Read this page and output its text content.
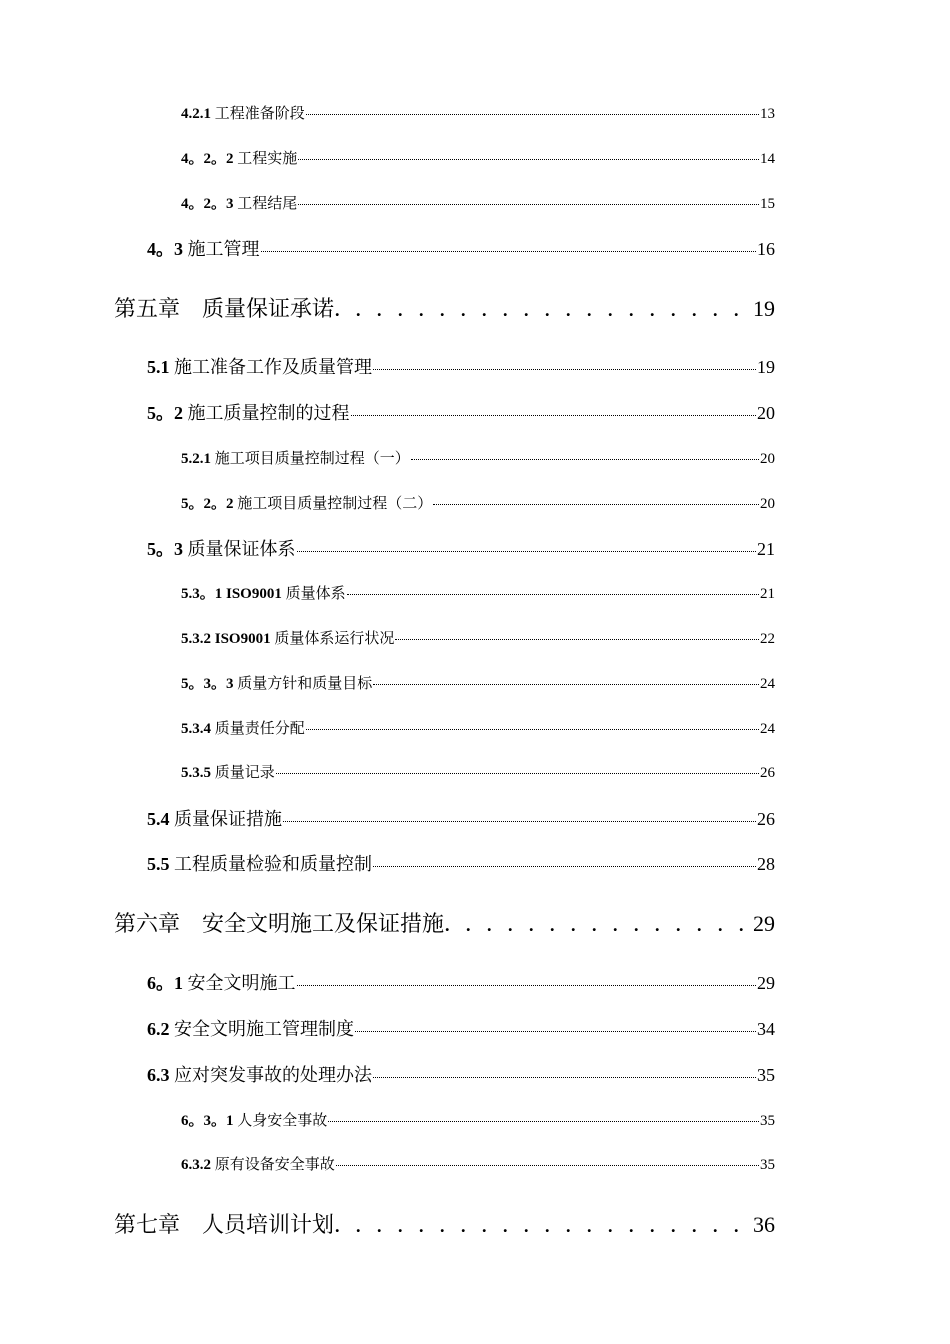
4.2.1 工程准备阶段	13
4。2。2 工程实施	14
4。2。3 工程结尾	15
4。3 施工管理	16
第五章 质量保证承诺 . . .	19
5.1 施工准备工作及质量管理	19
5。2 施工质量控制的过程	20
5.2.1 施工项目质量控制过程（一）	20
5。2。2 施工项目质量控制过程（二）	20
5。3 质量保证体系	21
5.3。1 ISO9001 质量体系	21
5.3.2 ISO9001 质量体系运行状况	22
5。3。3 质量方针和质量目标	24
5.3.4 质量责任分配	24
5.3.5 质量记录	26
5.4 质量保证措施	26
5.5 工程质量检验和质量控制	28
第六章 安全文明施工及保证措施 . . .	29
6。1 安全文明施工	29
6.2 安全文明施工管理制度	34
6.3 应对突发事故的处理办法	35
6。3。1 人身安全事故	35
6.3.2 原有设备安全事故	35
第七章 人员培训计划 . . .	36
